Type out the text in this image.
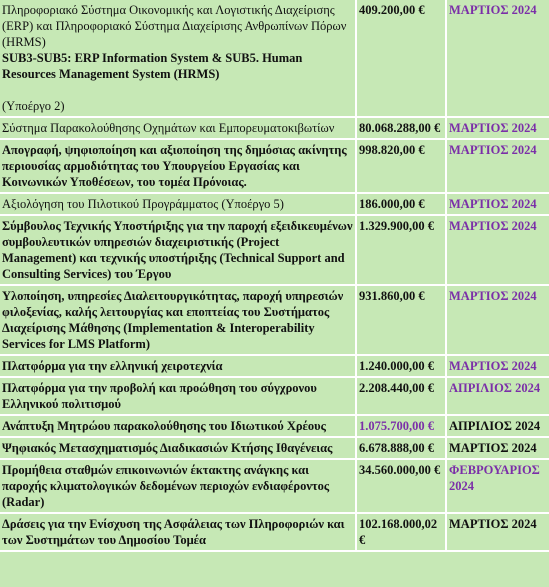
Πληροφοριακό Σύστημα Οικονομικής και Λογιστικής Διαχείρισης (ERP) και Πληροφοριακό Σύστημα Διαχείρισης Ανθρωπίνων Πόρων (HRMS)
SUB3-SUB5: ERP Information System & SUB5. Human Resources Management System (HRMS)
(Υποέργο 2)	409.200,00 €	ΜΑΡΤΙΟΣ 2024

Σύστημα Παρακολούθησης Οχημάτων και Εμπορευματοκιβωτίων	80.068.288,00 €	ΜΑΡΤΙΟΣ 2024

Απογραφή, ψηφιοποίηση και αξιοποίηση της δημόσιας ακίνητης περιουσίας αρμοδιότητας του Υπουργείου Εργασίας και Κοινωνικών Υποθέσεων, του τομέα Πρόνοιας.	998.820,00 €	ΜΑΡΤΙΟΣ 2024

Αξιολόγηση του Πιλοτικού Προγράμματος (Υποέργο 5)	186.000,00 €	ΜΑΡΤΙΟΣ 2024

Σύμβουλος Τεχνικής Υποστήριξης για την παροχή εξειδικευμένων συμβουλευτικών υπηρεσιών διαχειριστικής (Project Management) και τεχνικής υποστήριξης (Technical Support and Consulting Services) του Έργου	1.329.900,00 €	ΜΑΡΤΙΟΣ 2024

Υλοποίηση, υπηρεσίες Διαλειτουργικότητας, παροχή υπηρεσιών φιλοξενίας, καλής λειτουργίας και εποπτείας του Συστήματος Διαχείρισης Μάθησης (Implementation & Interoperability Services for LMS Platform)	931.860,00 €	ΜΑΡΤΙΟΣ 2024

Πλατφόρμα για την ελληνική χειροτεχνία	1.240.000,00 €	ΜΑΡΤΙΟΣ 2024

Πλατφόρμα για την προβολή και προώθηση του σύγχρονου Ελληνικού πολιτισμού	2.208.440,00 €	ΑΠΡΙΛΙΟΣ 2024

Ανάπτυξη Μητρώου παρακολούθησης του Ιδιωτικού Χρέους	1.075.700,00 €	ΑΠΡΙΛΙΟΣ 2024

Ψηφιακός Μετασχηματισμός Διαδικασιών Κτήσης Ιθαγένειας	6.678.888,00 €	ΜΑΡΤΙΟΣ 2024

Προμήθεια σταθμών επικοινωνιών έκτακτης ανάγκης και παροχής κλιματολογικών δεδομένων περιοχών ενδιαφέροντος (Radar)	34.560.000,00 €	ΦΕΒΡΟΥΑΡΙΟΣ 2024

Δράσεις για την Ενίσχυση της Ασφάλειας των Πληροφοριών και των Συστημάτων του Δημοσίου Τομέα	102.168.000,02 €	ΜΑΡΤΙΟΣ 2024
